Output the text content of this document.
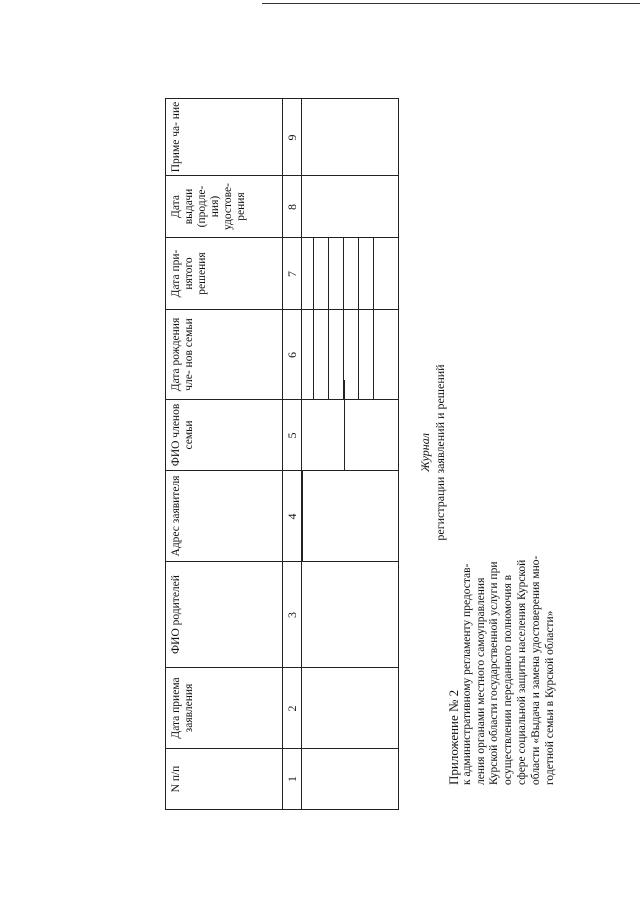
Приложение № 2 к административному регламенту предостав- ления органами местного самоуправления Курской области государственной услуги при осуществлении переданного полномочия в сфере социальной защиты населения Курской области «Выдача и замена удостоверения мно- годетной семьи в Курской области»
Журнал регистрации заявлений и решений
N п/п
Дата приема заявления
ФИО родителей
Адрес заявителя
ФИО членов семьи
Дата рождения чле- нов семьи
Дата при- нятого решения
Дата выдачи (продле- ния) удостове- рения
Приме ча- ние
1
2
3
4
5
6
7
8
9
